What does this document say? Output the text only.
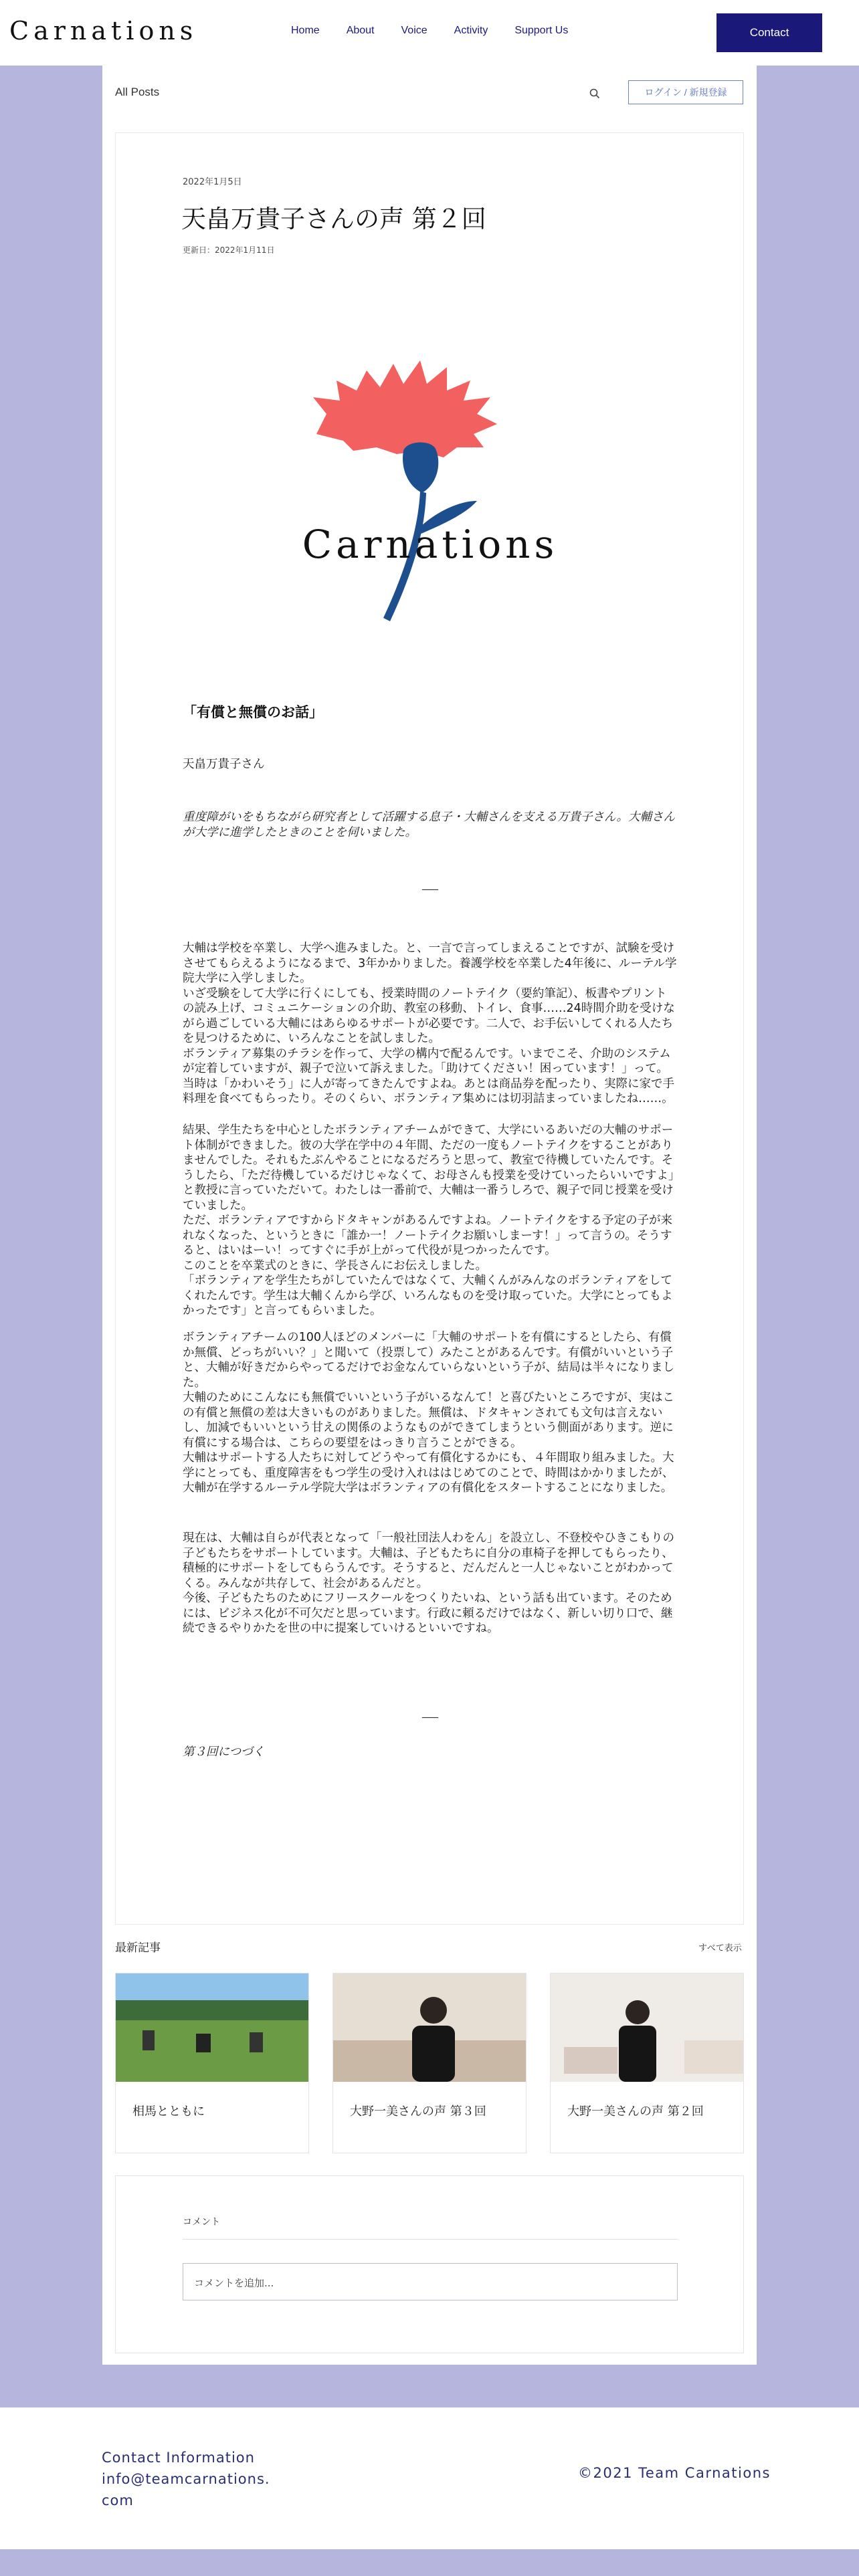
Carnations	Home	About	Voice	Activity	Support Us	Contact
All Posts	ログイン / 新規登録
2022年1月5日
天畠万貴子さんの声 第２回
更新日：2022年1月11日
Carnations
「有償と無償のお話」
天畠万貴子さん
重度障がいをもちながら研究者として活躍する息子・大輔さんを支える万貴子さん。大輔さんが大学に進学したときのことを伺いました。
___
大輔は学校を卒業し、大学へ進みました。と、一言で言ってしまえることですが、試験を受けさせてもらえるようになるまで、3年かかりました。養護学校を卒業した4年後に、ルーテル学院大学に入学しました。
いざ受験をして大学に行くにしても、授業時間のノートテイク（要約筆記）、板書やプリントの読み上げ、コミュニケーションの介助、教室の移動、トイレ、食事……24時間介助を受けながら過ごしている大輔にはあらゆるサポートが必要です。二人で、お手伝いしてくれる人たちを見つけるために、いろんなことを試しました。
ボランティア募集のチラシを作って、大学の構内で配るんです。いまでこそ、介助のシステムが定着していますが、親子で泣いて訴えました。「助けてください！困っています！」って。当時は「かわいそう」に人が寄ってきたんですよね。あとは商品券を配ったり、実際に家で手料理を食べてもらったり。そのくらい、ボランティア集めには切羽詰まっていましたね……。
結果、学生たちを中心としたボランティアチームができて、大学にいるあいだの大輔のサポート体制ができました。彼の大学在学中の４年間、ただの一度もノートテイクをすることがありませんでした。それもたぶんやることになるだろうと思って、教室で待機していたんです。そうしたら、「ただ待機しているだけじゃなくて、お母さんも授業を受けていったらいいですよ」と教授に言っていただいて。わたしは一番前で、大輔は一番うしろで、親子で同じ授業を受けていました。
ただ、ボランティアですからドタキャンがあるんですよね。ノートテイクをする予定の子が来れなくなった、というときに「誰か一！ノートテイクお願いしまーす！」って言うの。そうすると、はいはーい！ってすぐに手が上がって代役が見つかったんです。
このことを卒業式のときに、学長さんにお伝えしました。
「ボランティアを学生たちがしていたんではなくて、大輔くんがみんなのボランティアをしてくれたんです。学生は大輔くんから学び、いろんなものを受け取っていた。大学にとってもよかったです」と言ってもらいました。
ボランティアチームの100人ほどのメンバーに「大輔のサポートを有償にするとしたら、有償か無償、どっちがいい？」と聞いて（投票して）みたことがあるんです。有償がいいという子と、大輔が好きだからやってるだけでお金なんていらないという子が、結局は半々になりました。
大輔のためにこんなにも無償でいいという子がいるなんて！と喜びたいところですが、実はこの有償と無償の差は大きいものがありました。無償は、ドタキャンされても文句は言えないし、加減でもいいという甘えの関係のようなものができてしまうという側面があります。逆に有償にする場合は、こちらの要望をはっきり言うことができる。
大輔はサポートする人たちに対してどうやって有償化するかにも、４年間取り組みました。大学にとっても、重度障害をもつ学生の受け入れははじめてのことで、時間はかかりましたが、大輔が在学するルーテル学院大学はボランティアの有償化をスタートすることになりました。
現在は、大輔は自らが代表となって「一般社団法人わをん」を設立し、不登校やひきこもりの子どもたちをサポートしています。大輔は、子どもたちに自分の車椅子を押してもらったり、積極的にサポートをしてもらうんです。そうすると、だんだんと一人じゃないことがわかってくる。みんなが共存して、社会があるんだと。
今後、子どもたちのためにフリースクールをつくりたいね、という話も出ています。そのためには、ビジネス化が不可欠だと思っています。行政に頼るだけではなく、新しい切り口で、継続できるやりかたを世の中に提案していけるといいですね。
___
第３回につづく
最新記事	すべて表示
相馬とともに	大野一美さんの声 第３回	大野一美さんの声 第２回
コメント
コメントを追加...
Contact Information
info@teamcarnations.com
©2021 Team Carnations
